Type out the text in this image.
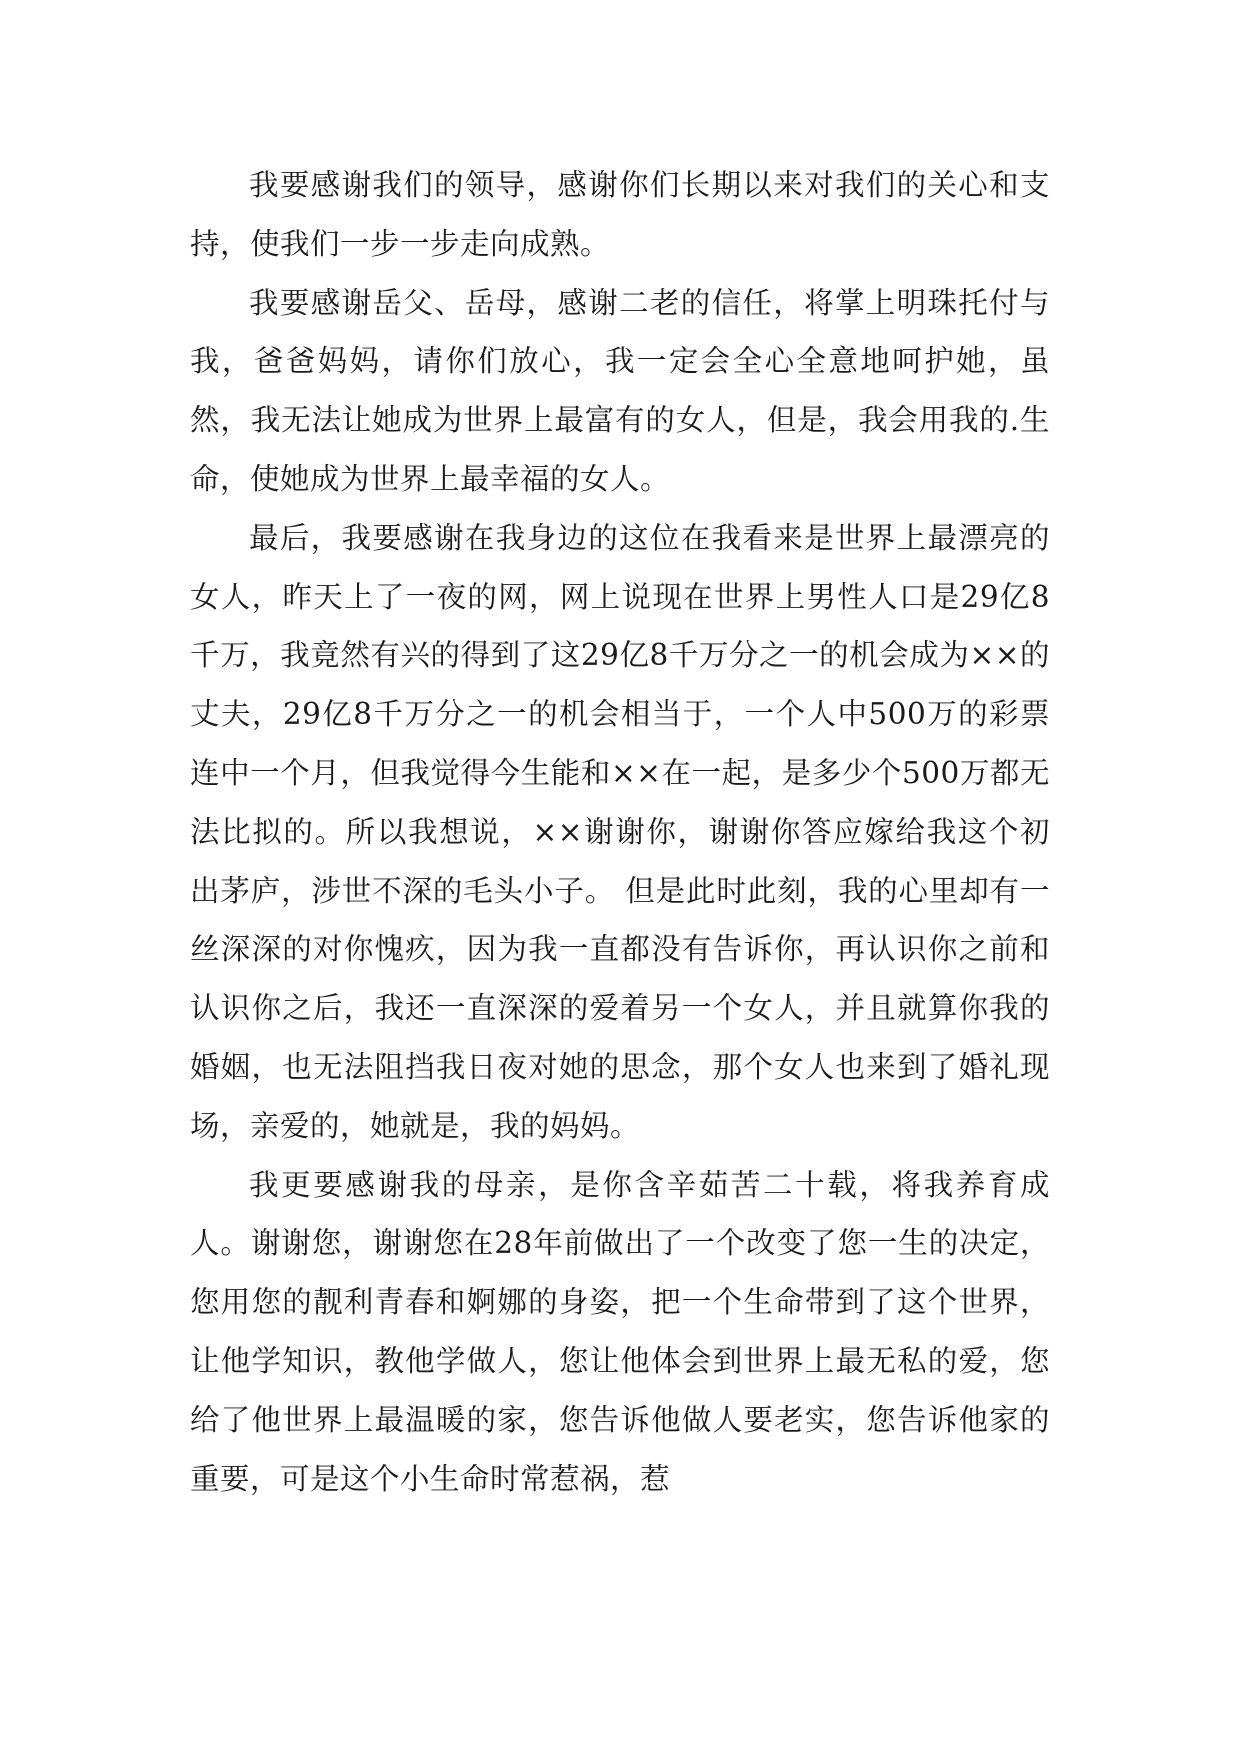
我要感谢我们的领导，感谢你们长期以来对我们的关心和支持，使我们一步一步走向成熟。

我要感谢岳父、岳母，感谢二老的信任，将掌上明珠托付与我，爸爸妈妈，请你们放心，我一定会全心全意地呵护她，虽然，我无法让她成为世界上最富有的女人，但是，我会用我的.生命，使她成为世界上最幸福的女人。

最后，我要感谢在我身边的这位在我看来是世界上最漂亮的女人，昨天上了一夜的网，网上说现在世界上男性人口是29亿8千万，我竟然有兴的得到了这29亿8千万分之一的机会成为××的丈夫，29亿8千万分之一的机会相当于，一个人中500万的彩票连中一个月，但我觉得今生能和××在一起，是多少个500万都无法比拟的。所以我想说，××谢谢你，谢谢你答应嫁给我这个初出茅庐，涉世不深的毛头小子。 但是此时此刻，我的心里却有一丝深深的对你愧疚，因为我一直都没有告诉你，再认识你之前和认识你之后，我还一直深深的爱着另一个女人，并且就算你我的婚姻，也无法阻挡我日夜对她的思念，那个女人也来到了婚礼现场，亲爱的，她就是，我的妈妈。

我更要感谢我的母亲，是你含辛茹苦二十载，将我养育成人。谢谢您，谢谢您在28年前做出了一个改变了您一生的决定，您用您的靓利青春和婀娜的身姿，把一个生命带到了这个世界，让他学知识，教他学做人，您让他体会到世界上最无私的爱，您给了他世界上最温暖的家，您告诉他做人要老实，您告诉他家的重要，可是这个小生命时常惹祸，惹
